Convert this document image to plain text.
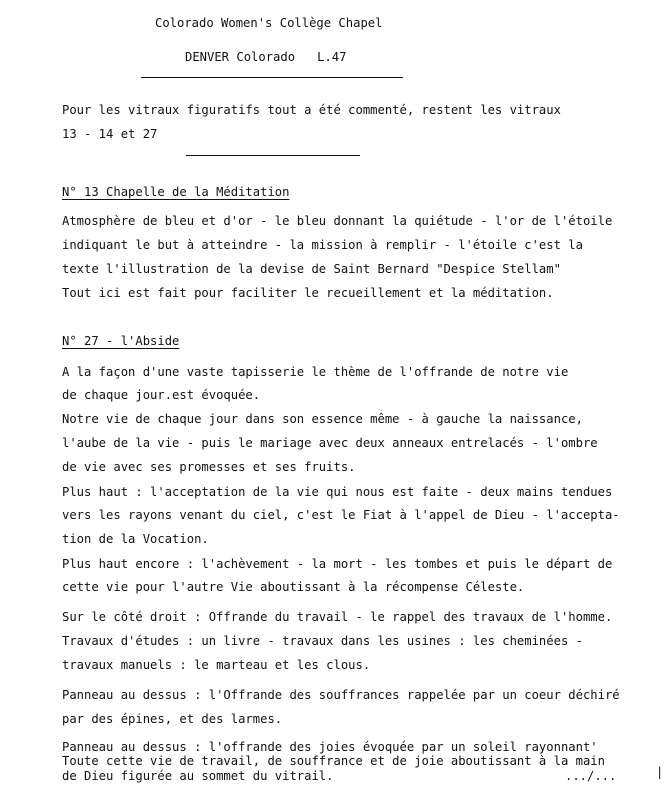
Colorado Women's Collège Chapel
DENVER Colorado   L.47
Pour les vitraux figuratifs tout a été commenté, restent les vitraux
13 - 14 et 27
N° 13 Chapelle de la Méditation
Atmosphère de bleu et d'or - le bleu donnant la quiétude - l'or de l'étoile
indiquant le but à atteindre - la mission à remplir - l'étoile c'est la
texte l'illustration de la devise de Saint Bernard "Despice Stellam"
Tout ici est fait pour faciliter le recueillement et la méditation.
N° 27 - l'Abside
A la façon d'une vaste tapisserie le thème de l'offrande de notre vie
de chaque jour.est évoquée.
Notre vie de chaque jour dans son essence même - à gauche la naissance,
l'aube de la vie - puis le mariage avec deux anneaux entrelacés - l'ombre
de vie avec ses promesses et ses fruits.
Plus haut : l'acceptation de la vie qui nous est faite - deux mains tendues
vers les rayons venant du ciel, c'est le Fiat à l'appel de Dieu - l'accepta-
tion de la Vocation.
Plus haut encore : l'achèvement - la mort - les tombes et puis le départ de
cette vie pour l'autre Vie aboutissant à la récompense Céleste.
Sur le côté droit : Offrande du travail - le rappel des travaux de l'homme.
Travaux d'études : un livre - travaux dans les usines : les cheminées -
travaux manuels : le marteau et les clous.
Panneau au dessus : l'Offrande des souffrances rappelée par un coeur déchiré
par des épines, et des larmes.
Panneau au dessus : l'offrande des joies évoquée par un soleil rayonnant'
Toute cette vie de travail, de souffrance et de joie aboutissant à la main
de Dieu figurée au sommet du vitrail.	.../...	|
